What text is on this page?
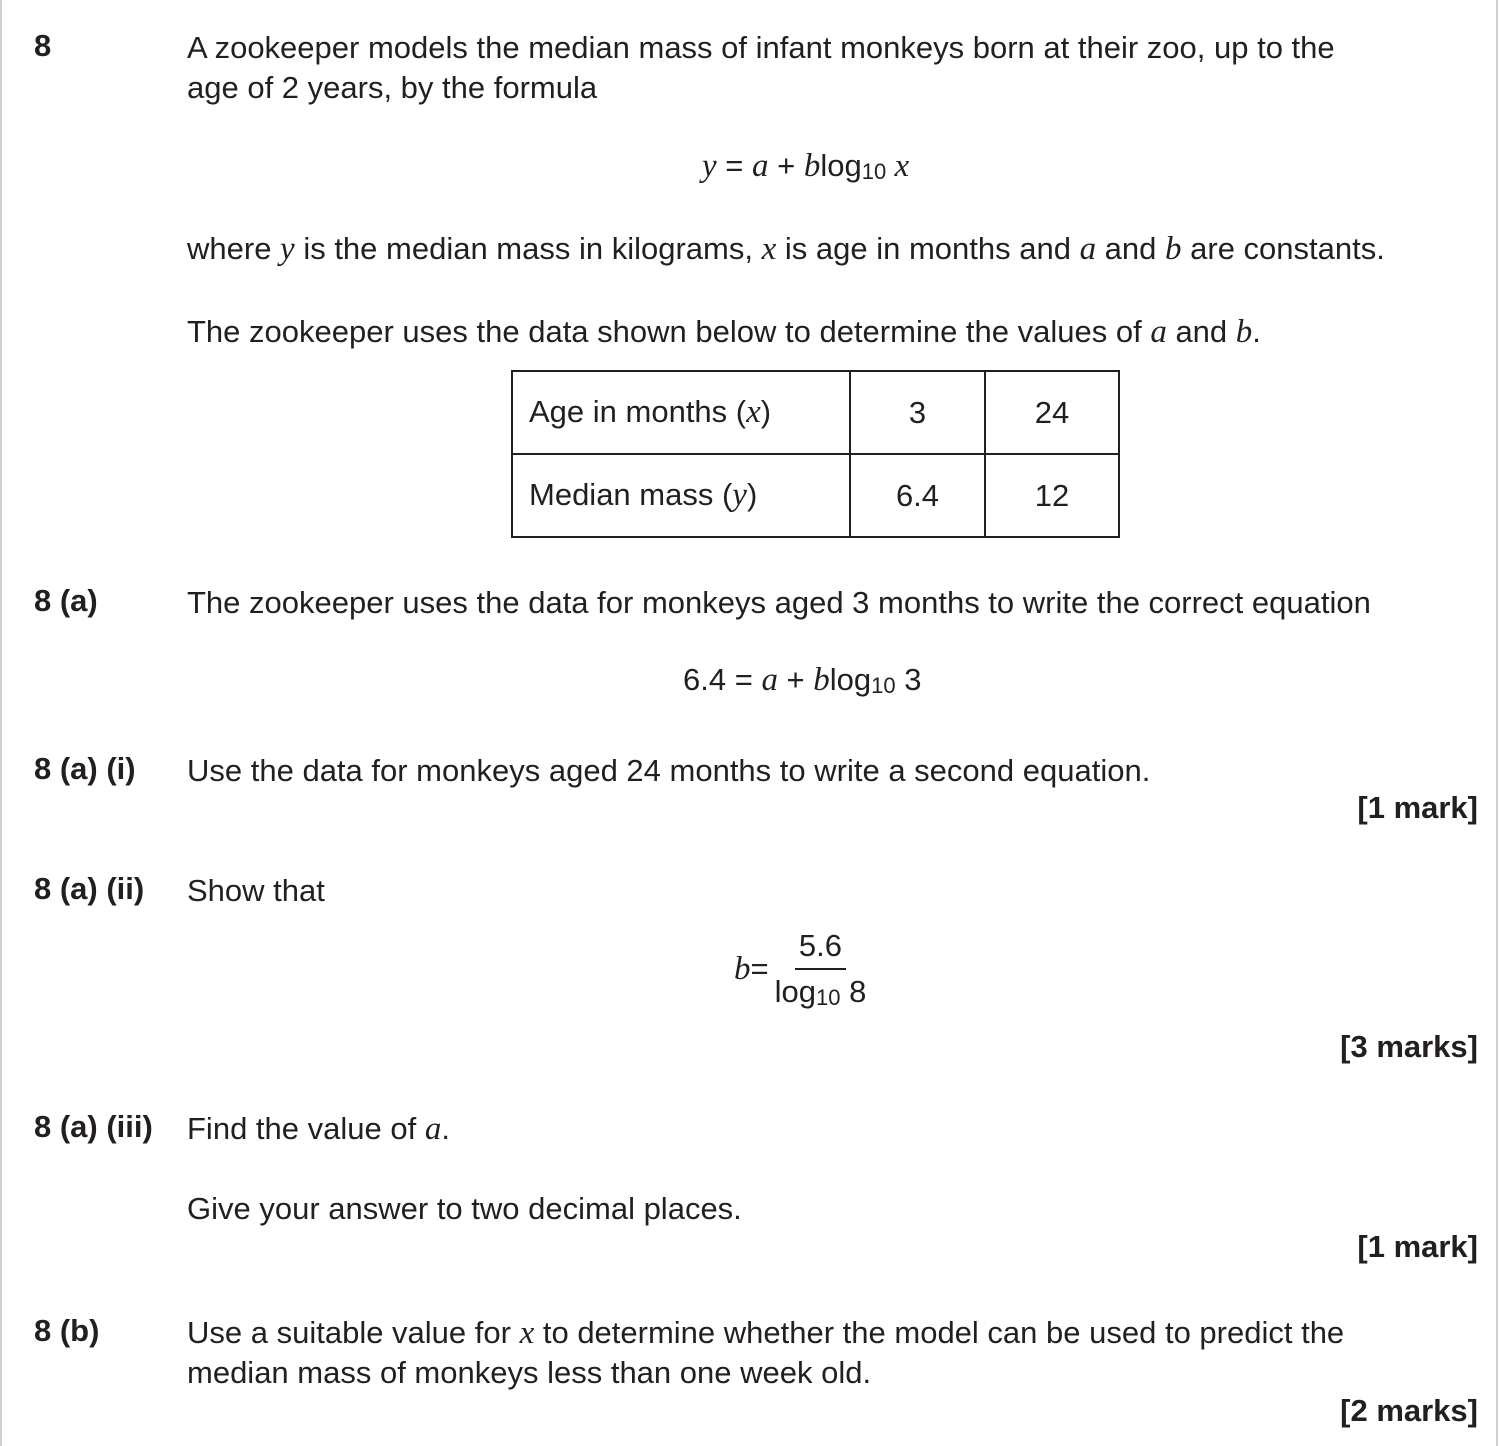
8	A zookeeper models the median mass of infant monkeys born at their zoo, up to the
age of 2 years, by the formula
y = a + blog$_{10}$ x
where y is the median mass in kilograms, x is age in months and a and b are constants.
The zookeeper uses the data shown below to determine the values of a and b.
Age in months (x)	3	24
Median mass (y)	6.4	12
8 (a)	The zookeeper uses the data for monkeys aged 3 months to write the correct equation
6.4 = a + blog$_{10}$ 3
8 (a) (i) Use the data for monkeys aged 24 months to write a second equation.
[1 mark]
8 (a) (ii) Show that
$b = \frac{5.6}{\log_{10} 8}$
[3 marks]
8 (a) (iii) Find the value of a.
Give your answer to two decimal places.
[1 mark]
8 (b)	Use a suitable value for x to determine whether the model can be used to predict the
median mass of monkeys less than one week old.
[2 marks]
